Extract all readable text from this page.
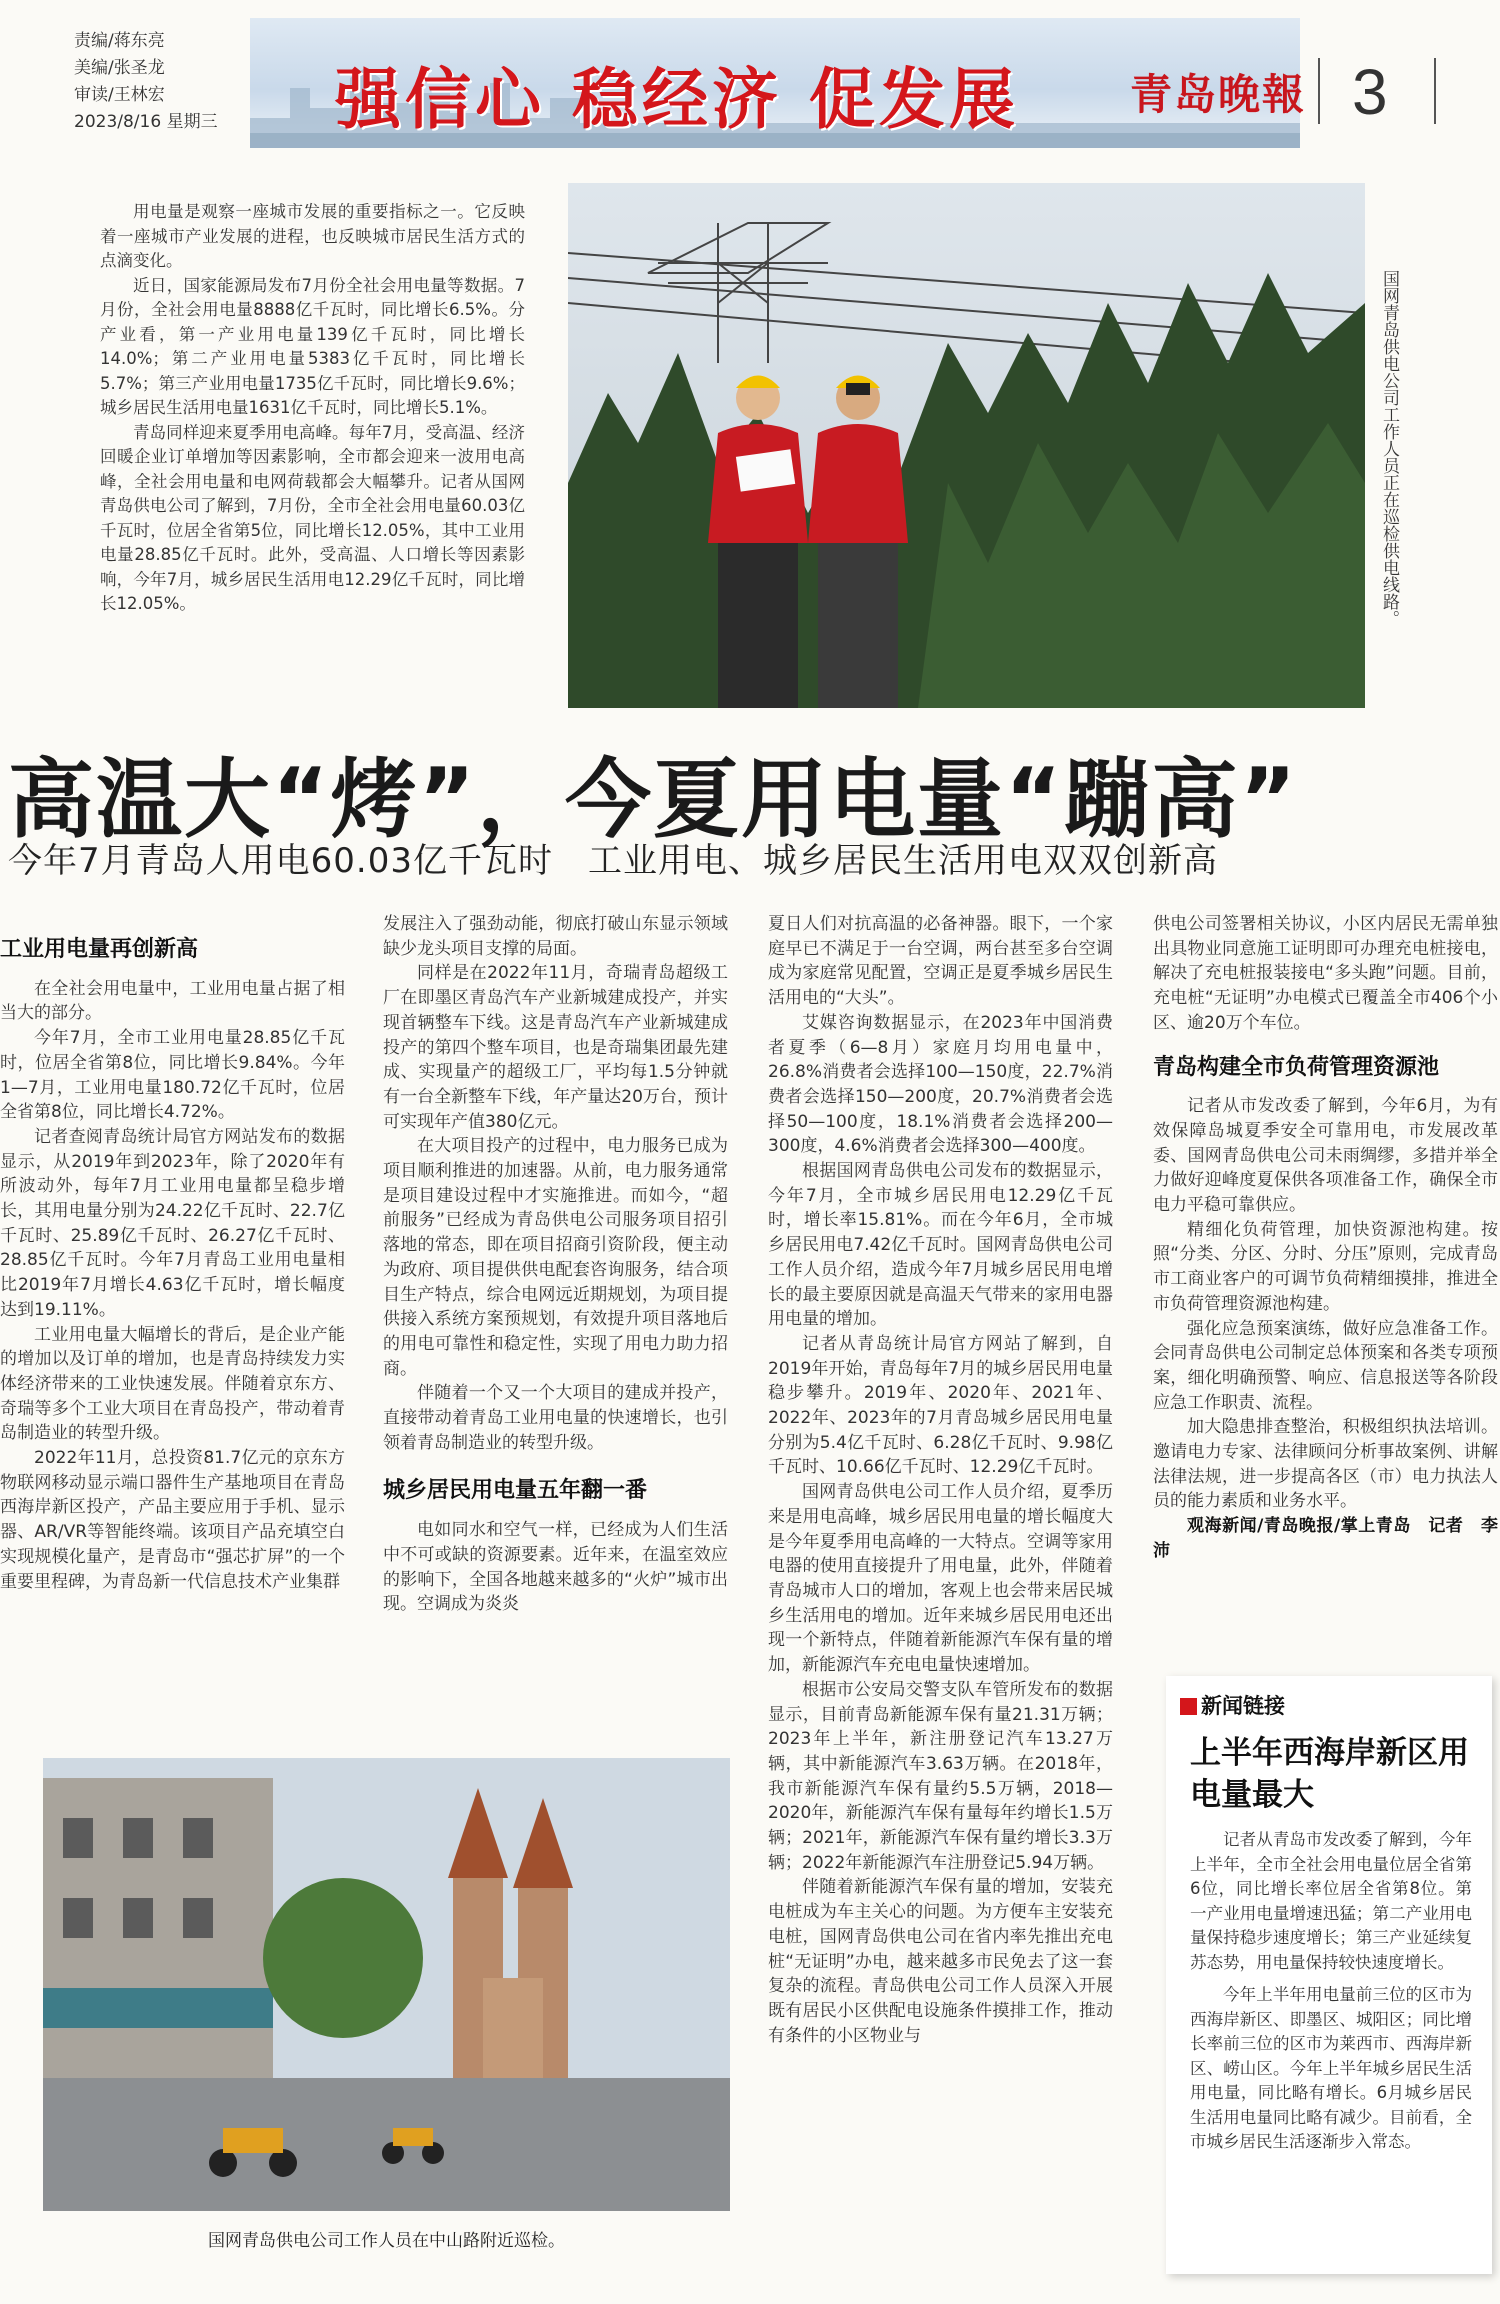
责编/蒋东亮
美编/张圣龙
审读/王林宏
2023/8/16 星期三 强信心 稳经济 促发展	青岛晚報 3

用电量是观察一座城市发展的重要指标之一。它反映着一座城市产业发展的进程，也反映城市居民生活方式的点滴变化。

近日，国家能源局发布7月份全社会用电量等数据。7月份，全社会用电量8888亿千瓦时，同比增长6.5%。分产业看，第一产业用电量139亿千瓦时，同比增长14.0%；第二产业用电量5383亿千瓦时，同比增长5.7%；第三产业用电量1735亿千瓦时，同比增长9.6%；城乡居民生活用电量1631亿千瓦时，同比增长5.1%。

青岛同样迎来夏季用电高峰。每年7月，受高温、经济回暖企业订单增加等因素影响，全市都会迎来一波用电高峰，全社会用电量和电网荷载都会大幅攀升。记者从国网青岛供电公司了解到，7月份，全市全社会用电量60.03亿千瓦时，位居全省第5位，同比增长12.05%，其中工业用电量28.85亿千瓦时。此外，受高温、人口增长等因素影响，今年7月，城乡居民生活用电12.29亿千瓦时，同比增长12.05%。	国网青岛供电公司工作人员正在巡检供电线路。
高温大“烤”，今夏用电量“蹦高”
今年7月青岛人用电60.03亿千瓦时　工业用电、城乡居民生活用电双双创新高
工业用电量再创新高

在全社会用电量中，工业用电量占据了相当大的部分。

今年7月，全市工业用电量28.85亿千瓦时，位居全省第8位，同比增长9.84%。今年1—7月，工业用电量180.72亿千瓦时，位居全省第8位，同比增长4.72%。

记者查阅青岛统计局官方网站发布的数据显示，从2019年到2023年，除了2020年有所波动外，每年7月工业用电量都呈稳步增长，其用电量分别为24.22亿千瓦时、22.7亿千瓦时、25.89亿千瓦时、26.27亿千瓦时、28.85亿千瓦时。今年7月青岛工业用电量相比2019年7月增长4.63亿千瓦时，增长幅度达到19.11%。

工业用电量大幅增长的背后，是企业产能的增加以及订单的增加，也是青岛持续发力实体经济带来的工业快速发展。伴随着京东方、奇瑞等多个工业大项目在青岛投产，带动着青岛制造业的转型升级。

2022年11月，总投资81.7亿元的京东方物联网移动显示端口器件生产基地项目在青岛西海岸新区投产，产品主要应用于手机、显示器、AR/VR等智能终端。该项目产品充填空白实现规模化量产，是青岛市“强芯扩屏”的一个重要里程碑，为青岛新一代信息技术产业集群

发展注入了强劲动能，彻底打破山东显示领域缺少龙头项目支撑的局面。

同样是在2022年11月，奇瑞青岛超级工厂在即墨区青岛汽车产业新城建成投产，并实现首辆整车下线。这是青岛汽车产业新城建成投产的第四个整车项目，也是奇瑞集团最先建成、实现量产的超级工厂，平均每1.5分钟就有一台全新整车下线，年产量达20万台，预计可实现年产值380亿元。

在大项目投产的过程中，电力服务已成为项目顺利推进的加速器。从前，电力服务通常是项目建设过程中才实施推进。而如今，“超前服务”已经成为青岛供电公司服务项目招引落地的常态，即在项目招商引资阶段，便主动为政府、项目提供供电配套咨询服务，结合项目生产特点，综合电网远近期规划，为项目提供接入系统方案预规划，有效提升项目落地后的用电可靠性和稳定性，实现了用电力助力招商。

伴随着一个又一个大项目的建成并投产，直接带动着青岛工业用电量的快速增长，也引领着青岛制造业的转型升级。

城乡居民用电量五年翻一番

电如同水和空气一样，已经成为人们生活中不可或缺的资源要素。近年来，在温室效应的影响下，全国各地越来越多的“火炉”城市出现。空调成为炎炎

夏日人们对抗高温的必备神器。眼下，一个家庭早已不满足于一台空调，两台甚至多台空调成为家庭常见配置，空调正是夏季城乡居民生活用电的“大头”。

艾媒咨询数据显示，在2023年中国消费者夏季（6—8月）家庭月均用电量中，26.8%消费者会选择100—150度，22.7%消费者会选择150—200度，20.7%消费者会选择50—100度，18.1%消费者会选择200—300度，4.6%消费者会选择300—400度。

根据国网青岛供电公司发布的数据显示，今年7月，全市城乡居民用电12.29亿千瓦时，增长率15.81%。而在今年6月，全市城乡居民用电7.42亿千瓦时。国网青岛供电公司工作人员介绍，造成今年7月城乡居民用电增长的最主要原因就是高温天气带来的家用电器用电量的增加。

记者从青岛统计局官方网站了解到，自2019年开始，青岛每年7月的城乡居民用电量稳步攀升。2019年、2020年、2021年、2022年、2023年的7月青岛城乡居民用电量分别为5.4亿千瓦时、6.28亿千瓦时、9.98亿千瓦时、10.66亿千瓦时、12.29亿千瓦时。

国网青岛供电公司工作人员介绍，夏季历来是用电高峰，城乡居民用电量的增长幅度大是今年夏季用电高峰的一大特点。空调等家用电器的使用直接提升了用电量，此外，伴随着青岛城市人口的增加，客观上也会带来居民城乡生活用电的增加。近年来城乡居民用电还出现一个新特点，伴随着新能源汽车保有量的增加，新能源汽车充电电量快速增加。

根据市公安局交警支队车管所发布的数据显示，目前青岛新能源车保有量21.31万辆；2023年上半年，新注册登记汽车13.27万辆，其中新能源汽车3.63万辆。在2018年，我市新能源汽车保有量约5.5万辆，2018—2020年，新能源汽车保有量每年约增长1.5万辆；2021年，新能源汽车保有量约增长3.3万辆；2022年新能源汽车注册登记5.94万辆。

伴随着新能源汽车保有量的增加，安装充电桩成为车主关心的问题。为方便车主安装充电桩，国网青岛供电公司在省内率先推出充电桩“无证明”办电，越来越多市民免去了这一套复杂的流程。青岛供电公司工作人员深入开展既有居民小区供配电设施条件摸排工作，推动有条件的小区物业与

供电公司签署相关协议，小区内居民无需单独出具物业同意施工证明即可办理充电桩接电，解决了充电桩报装接电“多头跑”问题。目前，充电桩“无证明”办电模式已覆盖全市406个小区、逾20万个车位。

青岛构建全市负荷管理资源池

记者从市发改委了解到，今年6月，为有效保障岛城夏季安全可靠用电，市发展改革委、国网青岛供电公司未雨绸缪，多措并举全力做好迎峰度夏保供各项准备工作，确保全市电力平稳可靠供应。

精细化负荷管理，加快资源池构建。按照“分类、分区、分时、分压”原则，完成青岛市工商业客户的可调节负荷精细摸排，推进全市负荷管理资源池构建。

强化应急预案演练，做好应急准备工作。会同青岛供电公司制定总体预案和各类专项预案，细化明确预警、响应、信息报送等各阶段应急工作职责、流程。

加大隐患排查整治，积极组织执法培训。邀请电力专家、法律顾问分析事故案例、讲解法律法规，进一步提高各区（市）电力执法人员的能力素质和业务水平。

观海新闻/青岛晚报/掌上青岛　记者　李沛

国网青岛供电公司工作人员在中山路附近巡检。
新闻链接
上半年西海岸新区用电量最大

记者从青岛市发改委了解到，今年上半年，全市全社会用电量位居全省第6位，同比增长率位居全省第8位。第一产业用电量增速迅猛；第二产业用电量保持稳步速度增长；第三产业延续复苏态势，用电量保持较快速度增长。

今年上半年用电量前三位的区市为西海岸新区、即墨区、城阳区；同比增长率前三位的区市为莱西市、西海岸新区、崂山区。今年上半年城乡居民生活用电量，同比略有增长。6月城乡居民生活用电量同比略有减少。目前看，全市城乡居民生活逐渐步入常态。
